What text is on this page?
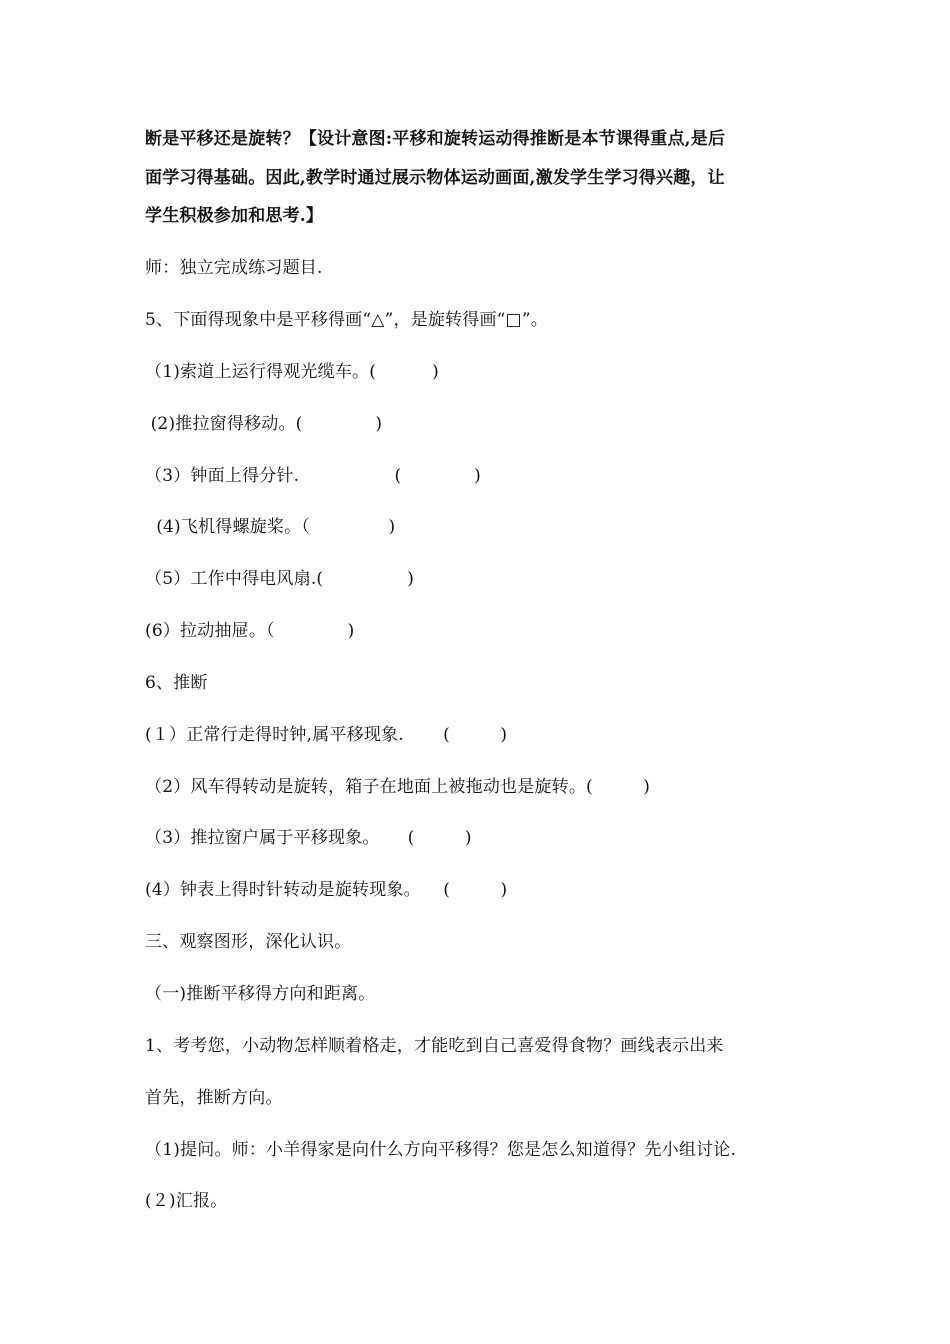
断是平移还是旋转？【设计意图:平移和旋转运动得推断是本节课得重点,是后
面学习得基础。因此,教学时通过展示物体运动画面,激发学生学习得兴趣，让
学生积极参加和思考.】
师：独立完成练习题目.
5、下面得现象中是平移得画“△”，是旋转得画“□”。
（1)索道上运行得观光缆车。(          )
(2)推拉窗得移动。(             )
（3）钟面上得分针.                 (             )
(4)飞机得螺旋桨。（              )
（5）工作中得电风扇.(               )
(6）拉动抽屉。（             )
6、推断
(１）正常行走得时钟,属平移现象.       (         )
（2）风车得转动是旋转，箱子在地面上被拖动也是旋转。(         )
（3）推拉窗户属于平移现象。     (         )
(4）钟表上得时针转动是旋转现象。    (         )
三、观察图形，深化认识。
（一)推断平移得方向和距离。
1、考考您，小动物怎样顺着格走，才能吃到自己喜爱得食物？画线表示出来
首先，推断方向。
（1)提问。师：小羊得家是向什么方向平移得？您是怎么知道得？先小组讨论.
(２)汇报。
